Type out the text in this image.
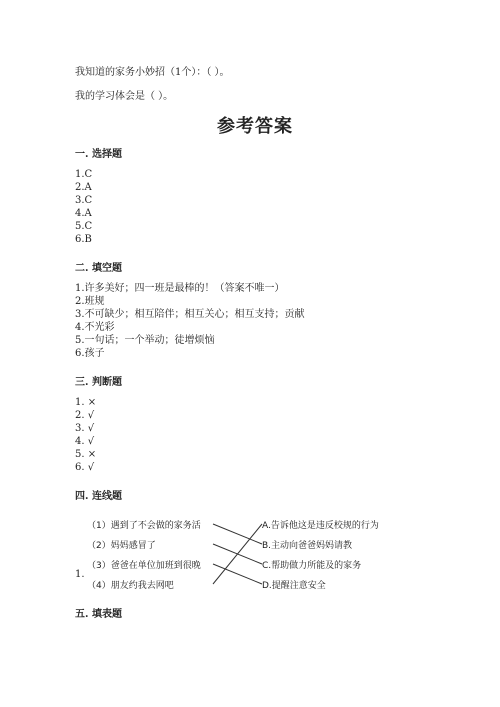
我知道的家务小妙招（1个）：（ ）。
我的学习体会是（ ）。
参考答案
一. 选择题
1.C
2.A
3.C
4.A
5.C
6.B
二. 填空题
1.许多美好；四一班是最棒的！（答案不唯一）
2.班规
3.不可缺少；相互陪伴；相互关心；相互支持；贡献
4.不光彩
5.一句话；一个举动；徒增烦恼
6.孩子
三. 判断题
1. ×
2. √
3. √
4. √
5. ×
6. √
四. 连线题
1.
（1）遇到了不会做的家务活
（2）妈妈感冒了
（3）爸爸在单位加班到很晚
（4）朋友约我去网吧
A.告诉他这是违反校规的行为
B.主动向爸爸妈妈请教
C.帮助做力所能及的家务
D.提醒注意安全
五. 填表题
